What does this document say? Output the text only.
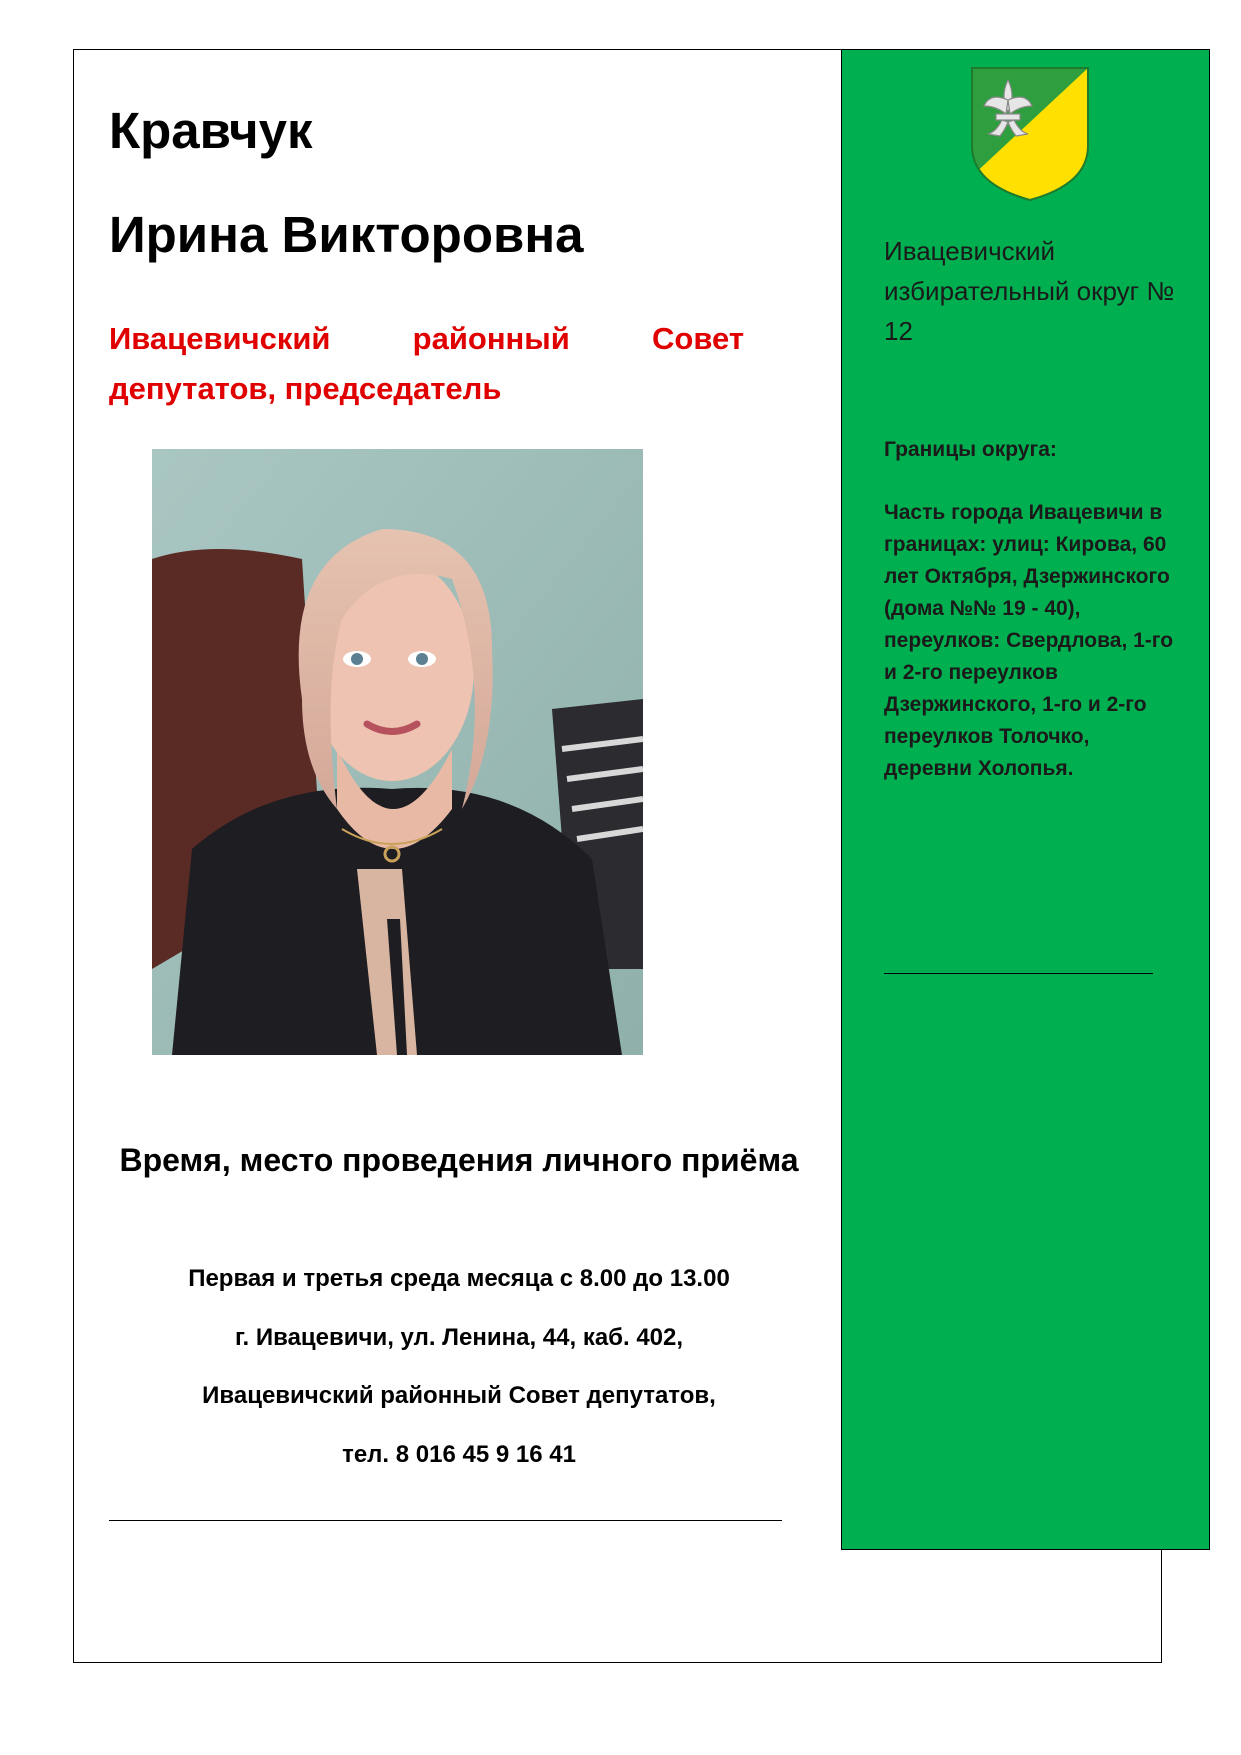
Кравчук
Ирина Викторовна
Ивацевичский районный Совет депутатов, председатель
Время, место проведения личного приёма
Первая и третья среда месяца с 8.00 до 13.00
г. Ивацевичи, ул. Ленина, 44, каб. 402,
Ивацевичский районный Совет депутатов,
тел. 8 016 45 9 16 41
Ивацевичский избирательный округ № 12
Границы округа:
Часть города Ивацевичи в границах: улиц: Кирова, 60 лет Октября, Дзержинского (дома №№ 19 - 40), переулков: Свердлова, 1-го и 2-го переулков Дзержинского, 1-го и 2-го переулков Толочко, деревни Холопья.
